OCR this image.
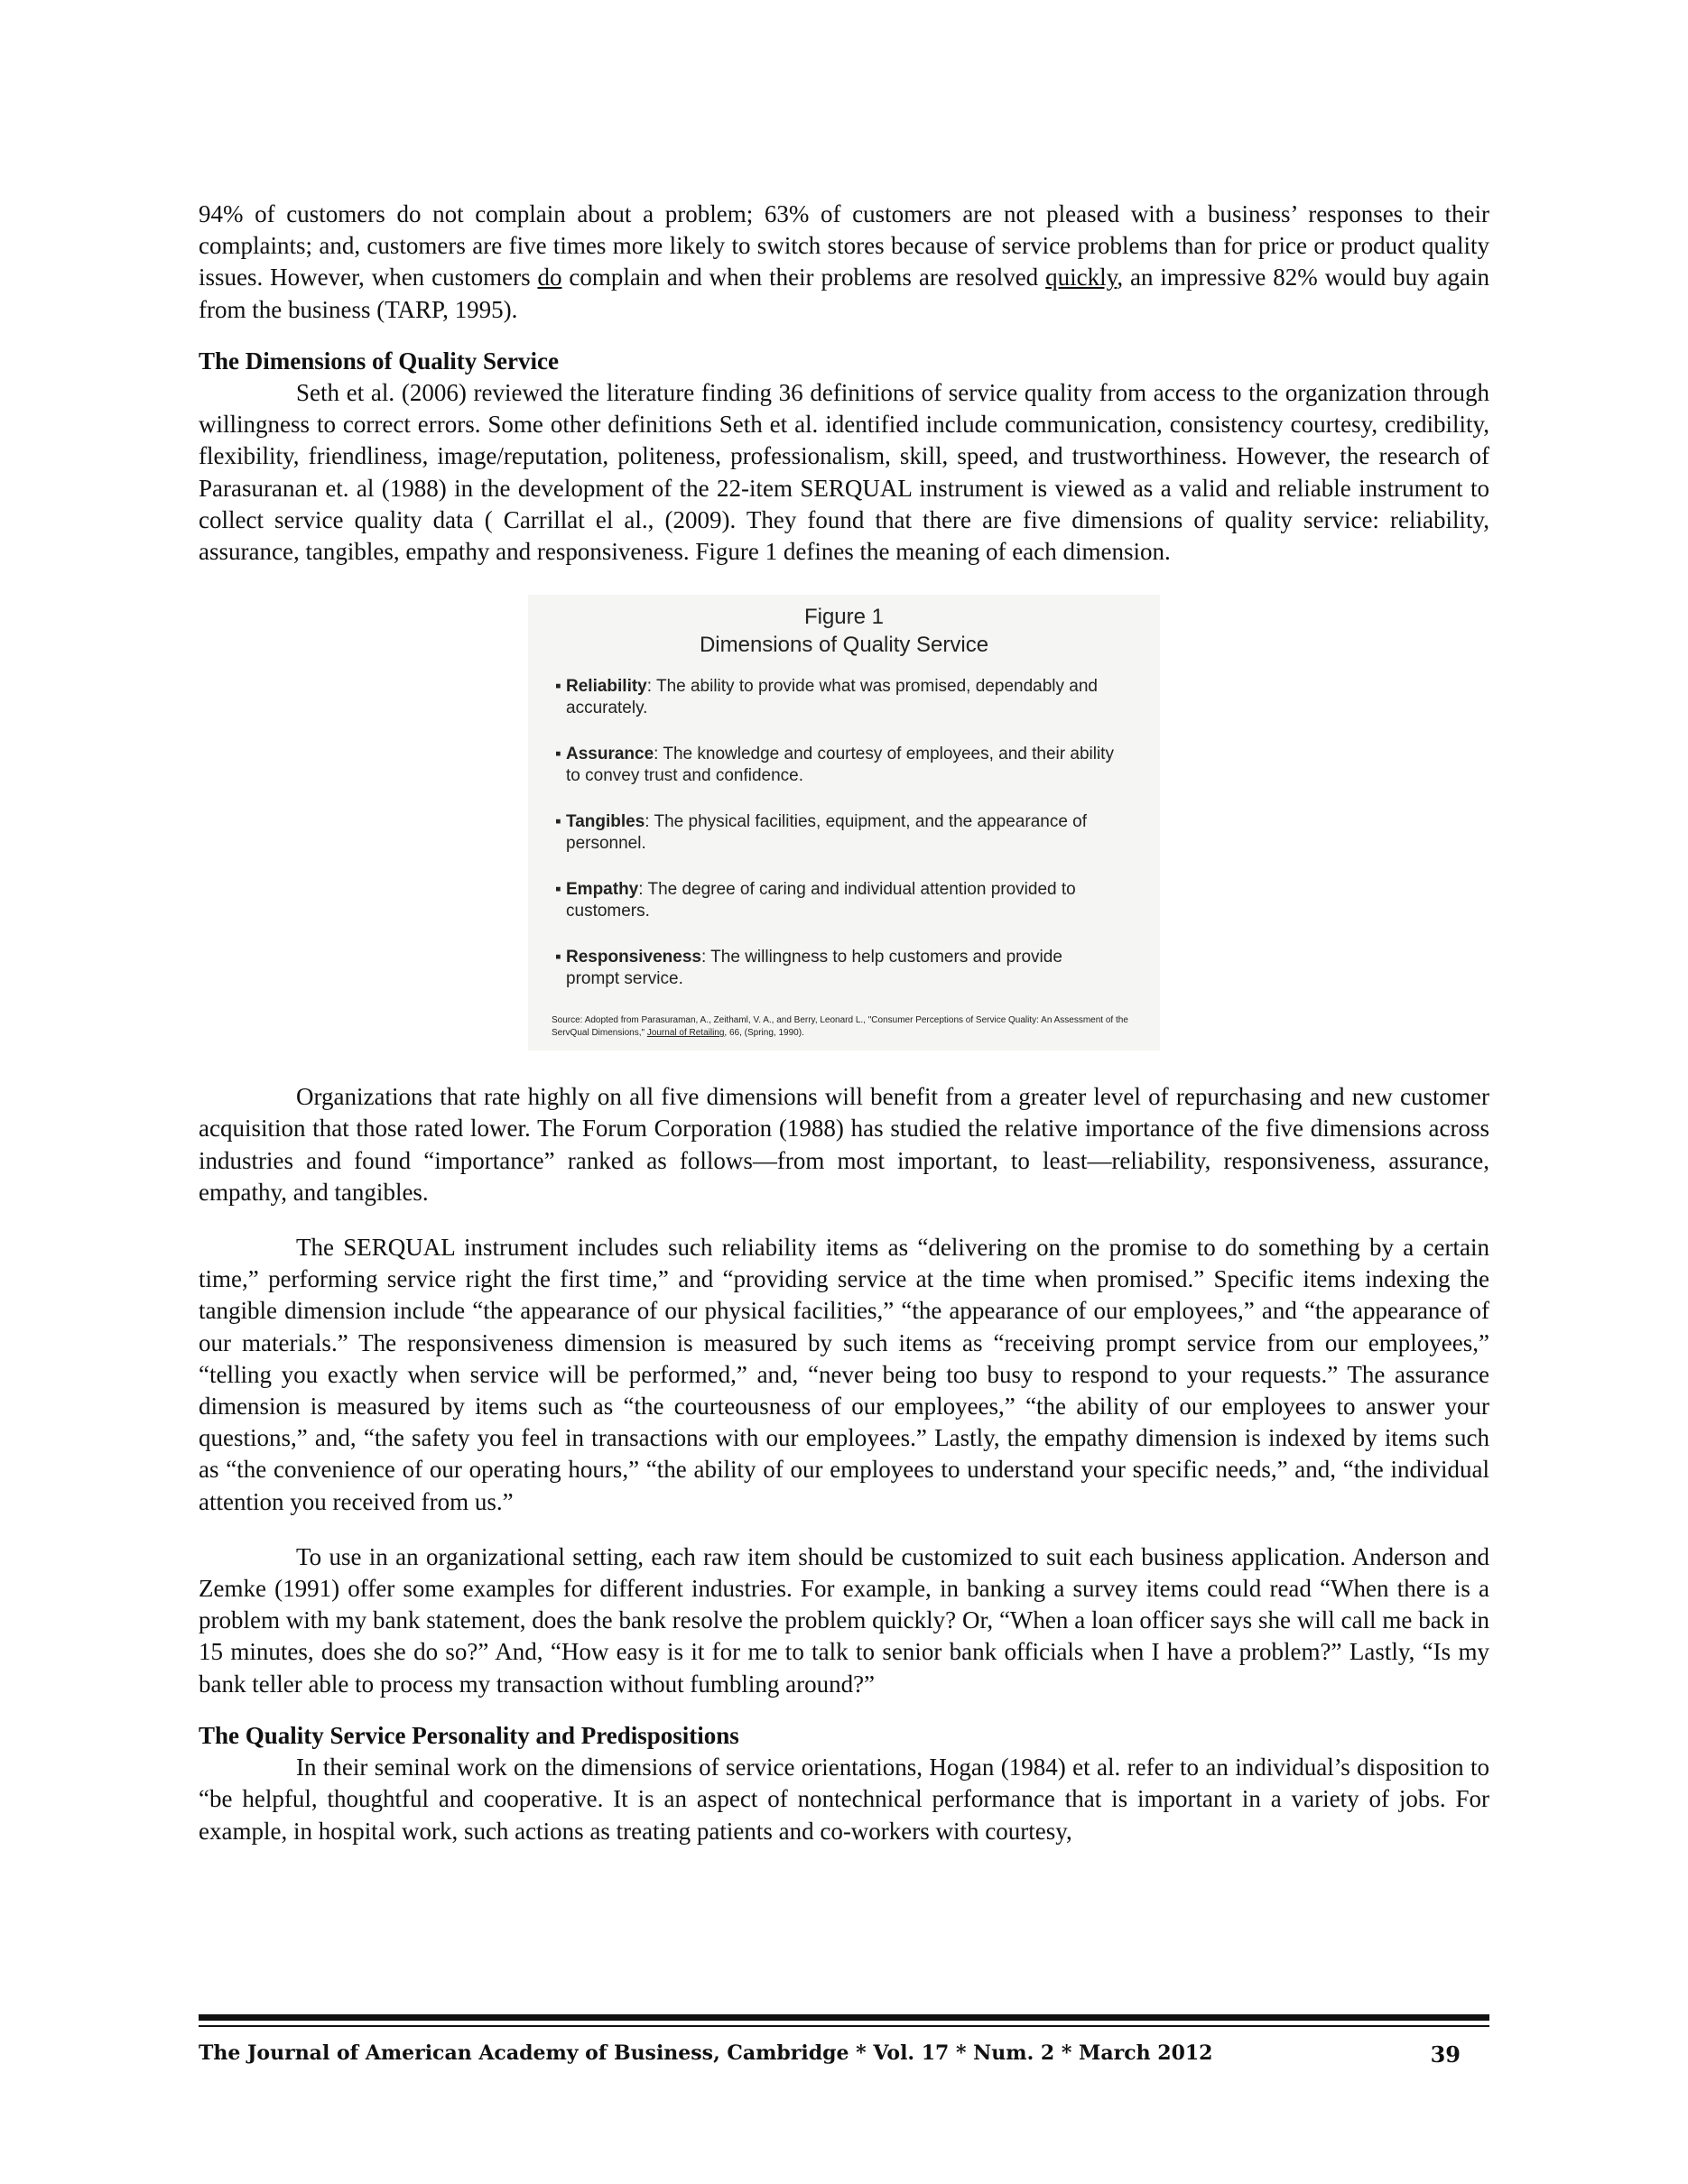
94% of customers do not complain about a problem; 63% of customers are not pleased with a business’ responses to their complaints; and, customers are five times more likely to switch stores because of service problems than for price or product quality issues. However, when customers do complain and when their problems are resolved quickly, an impressive 82% would buy again from the business (TARP, 1995).

The Dimensions of Quality Service

Seth et al. (2006) reviewed the literature finding 36 definitions of service quality from access to the organization through willingness to correct errors. Some other definitions Seth et al. identified include communication, consistency courtesy, credibility, flexibility, friendliness, image/reputation, politeness, professionalism, skill, speed, and trustworthiness. However, the research of Parasuranan et. al (1988) in the development of the 22-item SERQUAL instrument is viewed as a valid and reliable instrument to collect service quality data ( Carrillat el al., (2009). They found that there are five dimensions of quality service: reliability, assurance, tangibles, empathy and responsiveness. Figure 1 defines the meaning of each dimension.

Figure 1
Dimensions of Quality Service
▪ Reliability: The ability to provide what was promised, dependably and accurately.
▪ Assurance: The knowledge and courtesy of employees, and their ability to convey trust and confidence.
▪ Tangibles: The physical facilities, equipment, and the appearance of personnel.
▪ Empathy: The degree of caring and individual attention provided to customers.
▪ Responsiveness: The willingness to help customers and provide prompt service.
Source: Adopted from Parasuraman, A., Zeithaml, V. A., and Berry, Leonard L., "Consumer Perceptions of Service Quality: An Assessment of the ServQual Dimensions," Journal of Retailing, 66, (Spring, 1990).

Organizations that rate highly on all five dimensions will benefit from a greater level of repurchasing and new customer acquisition that those rated lower. The Forum Corporation (1988) has studied the relative importance of the five dimensions across industries and found “importance” ranked as follows—from most important, to least—reliability, responsiveness, assurance, empathy, and tangibles.

The SERQUAL instrument includes such reliability items as “delivering on the promise to do something by a certain time,” performing service right the first time,” and “providing service at the time when promised.” Specific items indexing the tangible dimension include “the appearance of our physical facilities,” “the appearance of our employees,” and “the appearance of our materials.” The responsiveness dimension is measured by such items as “receiving prompt service from our employees,” “telling you exactly when service will be performed,” and, “never being too busy to respond to your requests.” The assurance dimension is measured by items such as “the courteousness of our employees,” “the ability of our employees to answer your questions,” and, “the safety you feel in transactions with our employees.” Lastly, the empathy dimension is indexed by items such as “the convenience of our operating hours,” “the ability of our employees to understand your specific needs,” and, “the individual attention you received from us.”

To use in an organizational setting, each raw item should be customized to suit each business application. Anderson and Zemke (1991) offer some examples for different industries. For example, in banking a survey items could read “When there is a problem with my bank statement, does the bank resolve the problem quickly? Or, “When a loan officer says she will call me back in 15 minutes, does she do so?” And, “How easy is it for me to talk to senior bank officials when I have a problem?” Lastly, “Is my bank teller able to process my transaction without fumbling around?”

The Quality Service Personality and Predispositions

In their seminal work on the dimensions of service orientations, Hogan (1984) et al. refer to an individual’s disposition to “be helpful, thoughtful and cooperative. It is an aspect of nontechnical performance that is important in a variety of jobs. For example, in hospital work, such actions as treating patients and co-workers with courtesy,

The Journal of American Academy of Business, Cambridge * Vol. 17 * Num. 2 * March 2012	39
